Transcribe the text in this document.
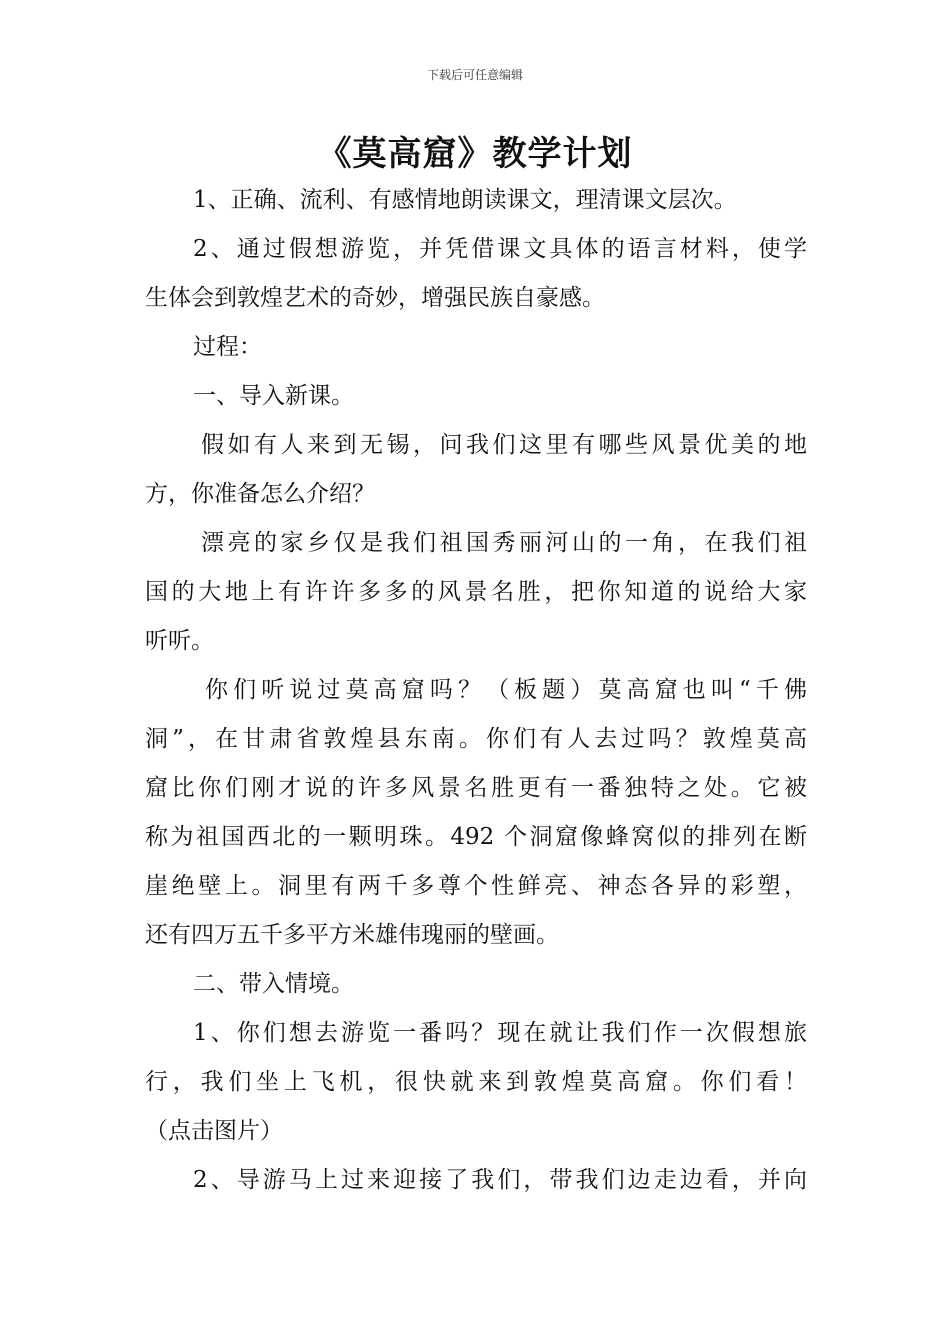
下载后可任意编辑
《莫高窟》教学计划

1、正确、流利、有感情地朗读课文，理清课文层次。

2、通过假想游览，并凭借课文具体的语言材料，使学

生体会到敦煌艺术的奇妙，增强民族自豪感。

过程：

一、导入新课。

假如有人来到无锡，问我们这里有哪些风景优美的地

方，你准备怎么介绍？

漂亮的家乡仅是我们祖国秀丽河山的一角，在我们祖

国的大地上有许许多多的风景名胜，把你知道的说给大家

听听。

你们听说过莫高窟吗？（板题）莫高窟也叫“千佛

洞”，在甘肃省敦煌县东南。你们有人去过吗？敦煌莫高

窟比你们刚才说的许多风景名胜更有一番独特之处。它被

称为祖国西北的一颗明珠。492 个洞窟像蜂窝似的排列在断

崖绝壁上。洞里有两千多尊个性鲜亮、神态各异的彩塑，

还有四万五千多平方米雄伟瑰丽的壁画。

二、带入情境。

1、你们想去游览一番吗？现在就让我们作一次假想旅

行，我们坐上飞机，很快就来到敦煌莫高窟。你们看！

（点击图片）

2、导游马上过来迎接了我们，带我们边走边看，并向
